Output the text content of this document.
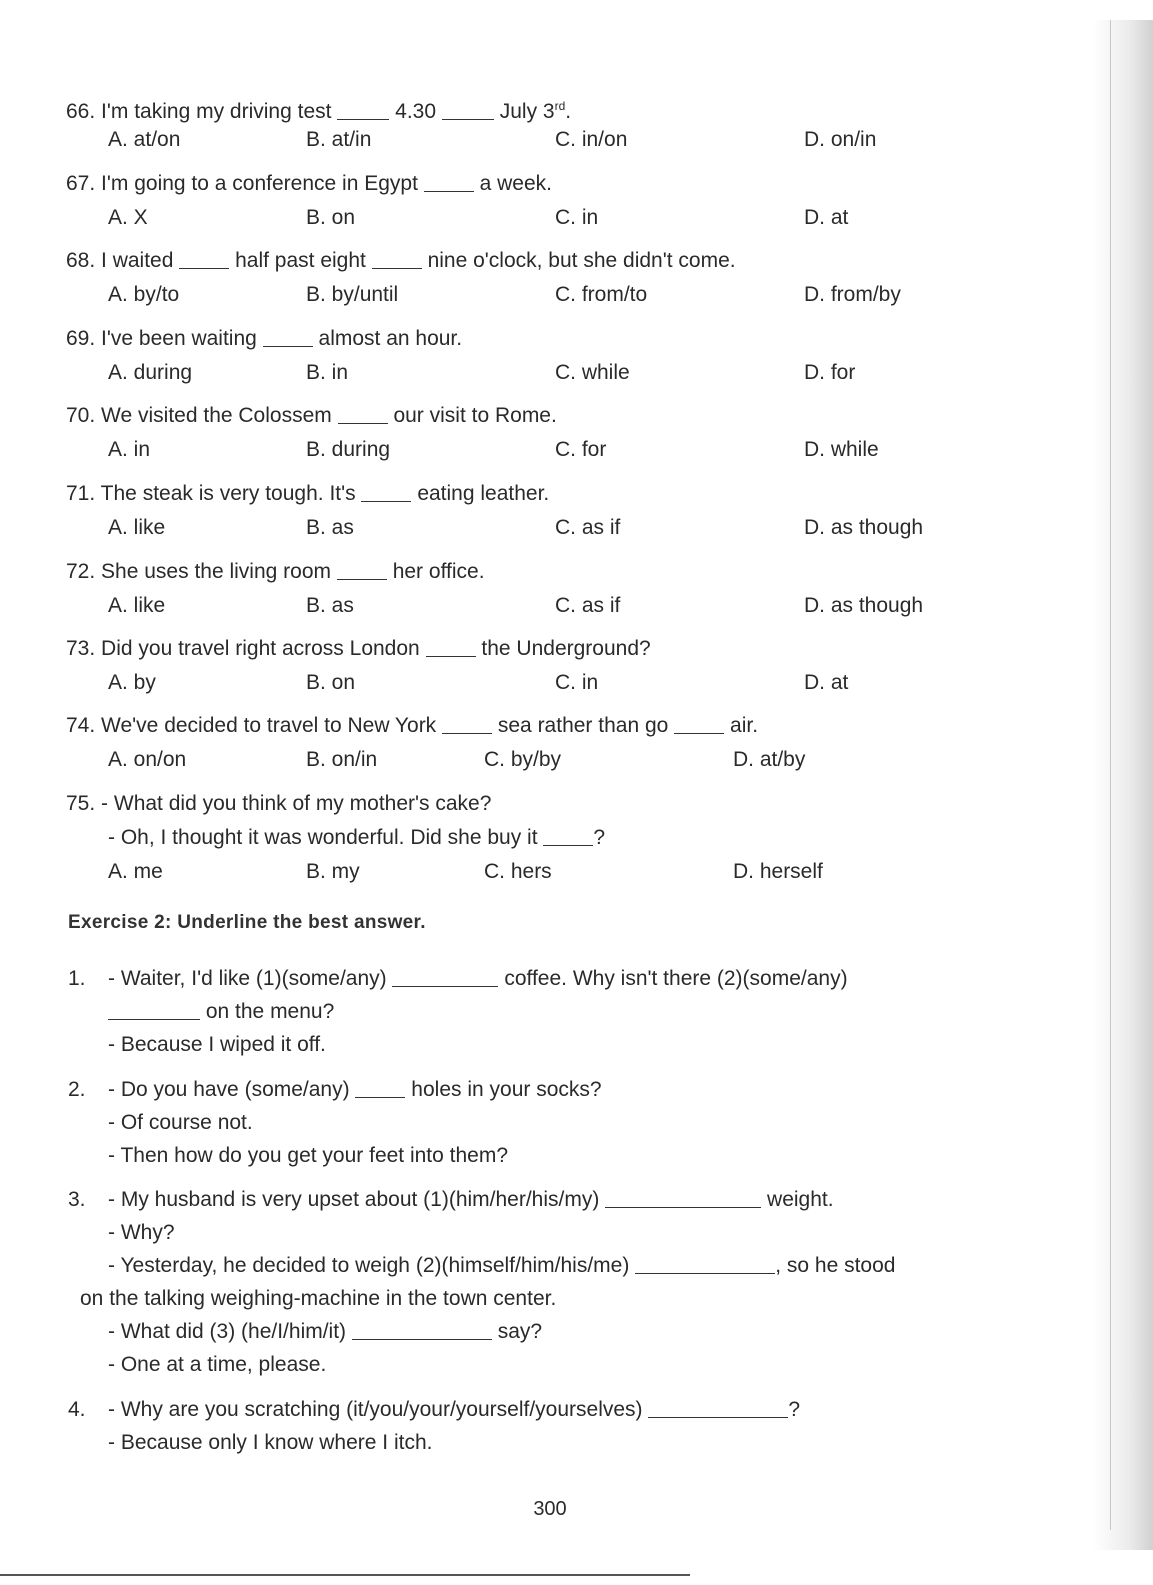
66. I'm taking my driving test	4.30	July 3rd.
A. at/on	B. at/in	C. in/on	D. on/in
67. I'm going to a conference in Egypt	a week.
A. X	B. on	C. in	D. at
68. I waited	half past eight	nine o'clock, but she didn't come.
A. by/to	B. by/until	C. from/to	D. from/by
69. I've been waiting	almost an hour.
A. during	B. in	C. while	D. for
70. We visited the Colossem	our visit to Rome.
A. in	B. during	C. for	D. while
71. The steak is very tough. It's	eating leather.
A. like	B. as	C. as if	D. as though
72. She uses the living room	her office.
A. like	B. as	C. as if	D. as though
73. Did you travel right across London	the Underground?
A. by	B. on	C. in	D. at
74. We've decided to travel to New York	sea rather than go	air.
A. on/on	B. on/in	C. by/by	D. at/by
75. - What did you think of my mother's cake?
- Oh, I thought it was wonderful. Did she buy it	?
A. me	B. my	C. hers	D. herself
Exercise 2: Underline the best answer.
1. - Waiter, I'd like (1)(some/any)	coffee. Why isn't there (2)(some/any)
on the menu?
- Because I wiped it off.
2. - Do you have (some/any)	holes in your socks?
- Of course not.
- Then how do you get your feet into them?
3. - My husband is very upset about (1)(him/her/his/my)	weight.
- Why?
- Yesterday, he decided to weigh (2)(himself/him/his/me)	, so he stood
on the talking weighing-machine in the town center.
- What did (3) (he/I/him/it)	say?
- One at a time, please.
4. - Why are you scratching (it/you/your/yourself/yourselves)	?
- Because only I know where I itch.
300
